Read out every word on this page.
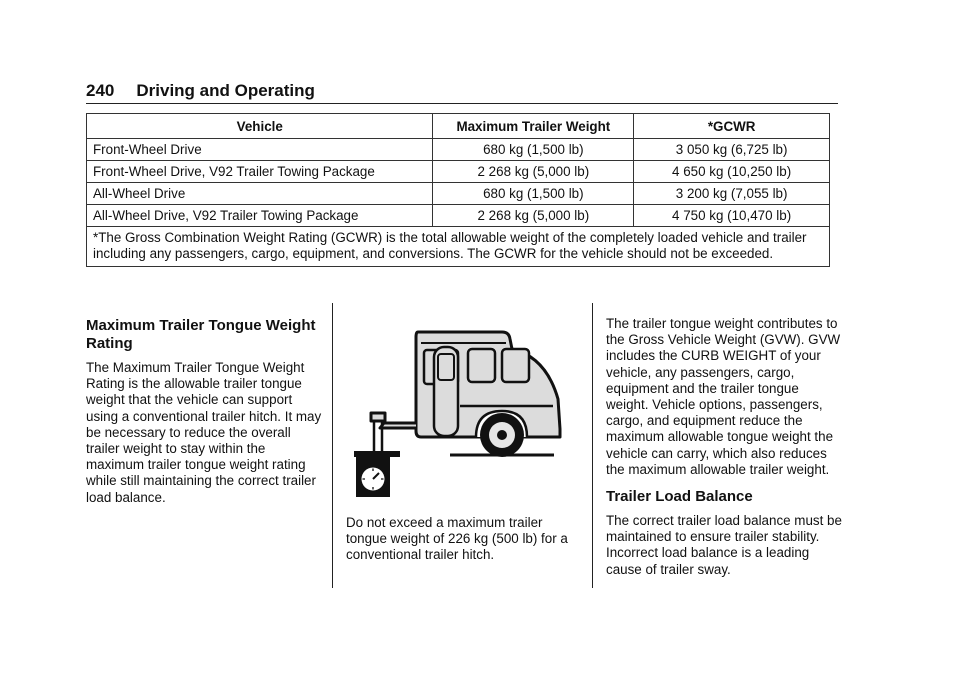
240 Driving and Operating
Vehicle	Maximum Trailer Weight	*GCWR
Front-Wheel Drive	680 kg (1,500 lb)	3 050 kg (6,725 lb)
Front-Wheel Drive, V92 Trailer Towing Package	2 268 kg (5,000 lb)	4 650 kg (10,250 lb)
All-Wheel Drive	680 kg (1,500 lb)	3 200 kg (7,055 lb)
All-Wheel Drive, V92 Trailer Towing Package	2 268 kg (5,000 lb)	4 750 kg (10,470 lb)
*The Gross Combination Weight Rating (GCWR) is the total allowable weight of the completely loaded vehicle and trailer including any passengers, cargo, equipment, and conversions. The GCWR for the vehicle should not be exceeded.		
Maximum Trailer Tongue Weight Rating

The Maximum Trailer Tongue Weight Rating is the allowable trailer tongue weight that the vehicle can support using a conventional trailer hitch. It may be necessary to reduce the overall trailer weight to stay within the maximum trailer tongue weight rating while still maintaining the correct trailer load balance.

Do not exceed a maximum trailer tongue weight of 226 kg (500 lb) for a conventional trailer hitch.

The trailer tongue weight contributes to the Gross Vehicle Weight (GVW). GVW includes the CURB WEIGHT of your vehicle, any passengers, cargo, equipment and the trailer tongue weight. Vehicle options, passengers, cargo, and equipment reduce the maximum allowable tongue weight the vehicle can carry, which also reduces the maximum allowable trailer weight.

Trailer Load Balance

The correct trailer load balance must be maintained to ensure trailer stability. Incorrect load balance is a leading cause of trailer sway.
